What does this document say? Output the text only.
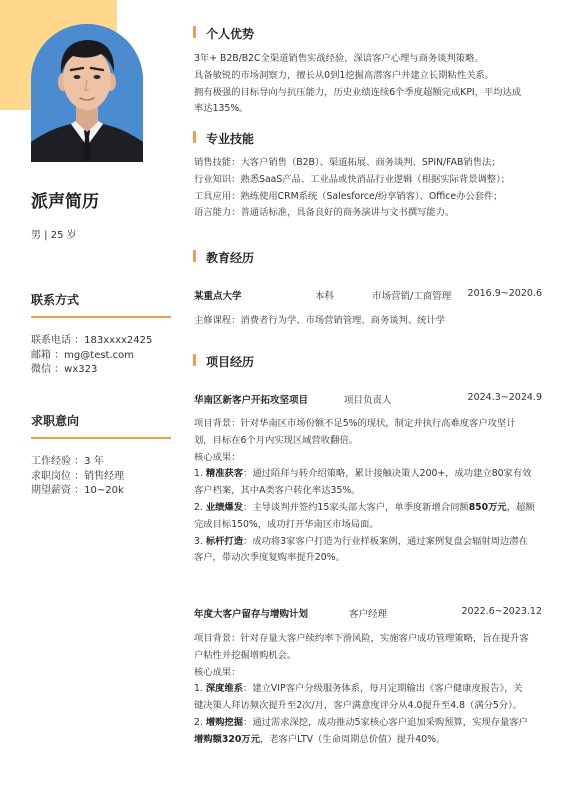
派声简历
男 | 25 岁
联系方式
联系电话 ：183xxxx2425
邮箱 ：mg@test.com
微信 ：wx323
求职意向
工作经验 ：3 年
求职岗位 ：销售经理
期望薪资 ：10~20k
个人优势
3年+ B2B/B2C全渠道销售实战经验，深谙客户心理与商务谈判策略。
具备敏锐的市场洞察力，擅长从0到1挖掘高潜客户并建立长期粘性关系。
拥有极强的目标导向与抗压能力，历史业绩连续6个季度超额完成KPI，平均达成
率达135%。
专业技能
销售技能：大客户销售（B2B）、渠道拓展、商务谈判、SPIN/FAB销售法；
行业知识：熟悉SaaS产品、工业品或快消品行业逻辑（根据实际背景调整）；
工具应用：熟练使用CRM系统（Salesforce/纷享销客）、Office办公套件；
语言能力：普通话标准，具备良好的商务演讲与文书撰写能力。
教育经历
某重点大学	本科	市场营销/工商管理 2016.9~2020.6
主修课程：消费者行为学、市场营销管理、商务谈判、统计学
项目经历
华南区新客户开拓攻坚项目	项目负责人	2024.3~2024.9
项目背景：针对华南区市场份额不足5%的现状，制定并执行高难度客户攻坚计
划，目标在6个月内实现区域营收翻倍。
核心成果：
1. 精准获客：通过陌拜与转介绍策略，累计接触决策人200+，成功建立80家有效
客户档案，其中A类客户转化率达35%。
2. 业绩爆发：主导谈判并签约15家头部大客户，单季度新增合同额850万元，超额
完成目标150%，成功打开华南区市场局面。
3. 标杆打造：成功将3家客户打造为行业样板案例，通过案例复盘会辐射周边潜在
客户，带动次季度复购率提升20%。
年度大客户留存与增购计划	客户经理	2022.6~2023.12
项目背景：针对存量大客户续约率下滑风险，实施客户成功管理策略，旨在提升客
户粘性并挖掘增购机会。
核心成果：
1. 深度维系：建立VIP客户分级服务体系，每月定期输出《客户健康度报告》，关
键决策人拜访频次提升至2次/月，客户满意度评分从4.0提升至4.8（满分5分）。
2. 增购挖掘：通过需求深挖，成功推动5家核心客户追加采购预算，实现存量客户
增购额320万元，老客户LTV（生命周期总价值）提升40%。
